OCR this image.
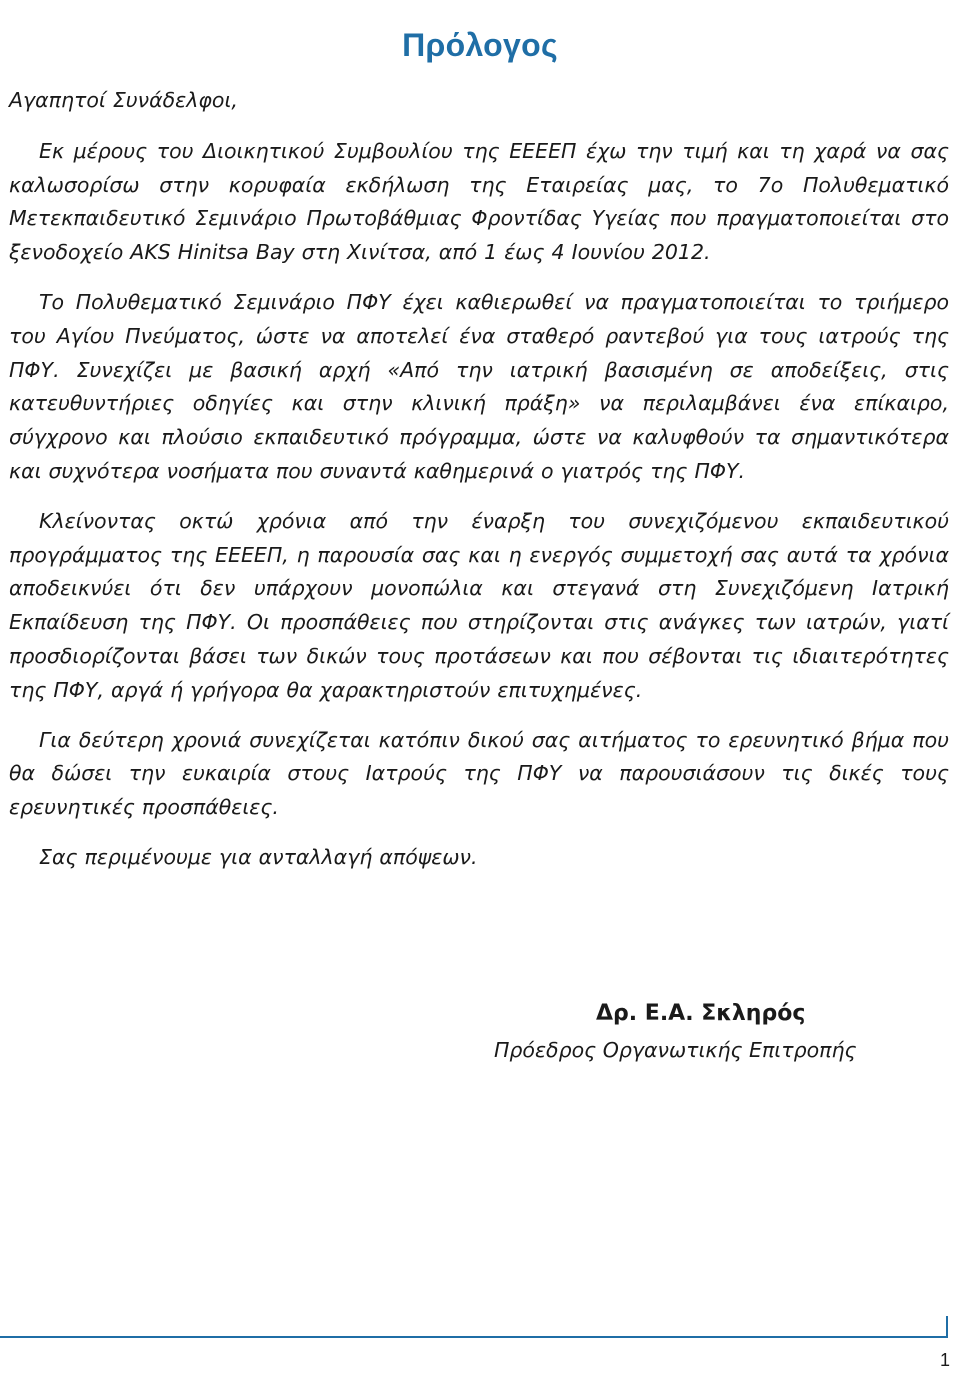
Πρόλογος

Αγαπητοί Συνάδελφοι,

Εκ μέρους του Διοικητικού Συμβουλίου της ΕΕΕΕΠ έχω την τιμή και τη χαρά να σας καλωσορίσω στην κορυφαία εκδήλωση της Εταιρείας μας, το 7ο Πολυθεματικό Μετεκπαιδευτικό Σεμινάριο Πρωτοβάθμιας Φροντίδας Υγείας που πραγματοποιείται στο ξενοδοχείο AKS Hinitsa Bay στη Χινίτσα, από 1 έως 4 Ιουνίου 2012.

Το Πολυθεματικό Σεμινάριο ΠΦΥ έχει καθιερωθεί να πραγματοποιείται το τριήμερο του Αγίου Πνεύματος, ώστε να αποτελεί ένα σταθερό ραντεβού για τους ιατρούς της ΠΦΥ. Συνεχίζει με βασική αρχή «Από την ιατρική βασισμένη σε αποδείξεις, στις κατευθυντήριες οδηγίες και στην κλινική πράξη» να περιλαμβάνει ένα επίκαιρο, σύγχρονο και πλούσιο εκπαιδευτικό πρόγραμμα, ώστε να καλυφθούν τα σημαντικότερα και συχνότερα νοσήματα που συναντά καθημερινά ο γιατρός της ΠΦΥ.

Κλείνοντας οκτώ χρόνια από την έναρξη του συνεχιζόμενου εκπαιδευτικού προγράμματος της ΕΕΕΕΠ, η παρουσία σας και η ενεργός συμμετοχή σας αυτά τα χρόνια αποδεικνύει ότι δεν υπάρχουν μονοπώλια και στεγανά στη Συνεχιζόμενη Ιατρική Εκπαίδευση της ΠΦΥ. Οι προσπάθειες που στηρίζονται στις ανάγκες των ιατρών, γιατί προσδιορίζονται βάσει των δικών τους προτάσεων και που σέβονται τις ιδιαιτερότητες της ΠΦΥ, αργά ή γρήγορα θα χαρακτηριστούν επιτυχημένες.

Για δεύτερη χρονιά συνεχίζεται κατόπιν δικού σας αιτήματος το ερευνητικό βήμα που θα δώσει την ευκαιρία στους Ιατρούς της ΠΦΥ να παρουσιάσουν τις δικές τους ερευνητικές προσπάθειες.

Σας περιμένουμε για ανταλλαγή απόψεων.

Δρ. Ε.Α. Σκληρός
Πρόεδρος Οργανωτικής Επιτροπής
1
